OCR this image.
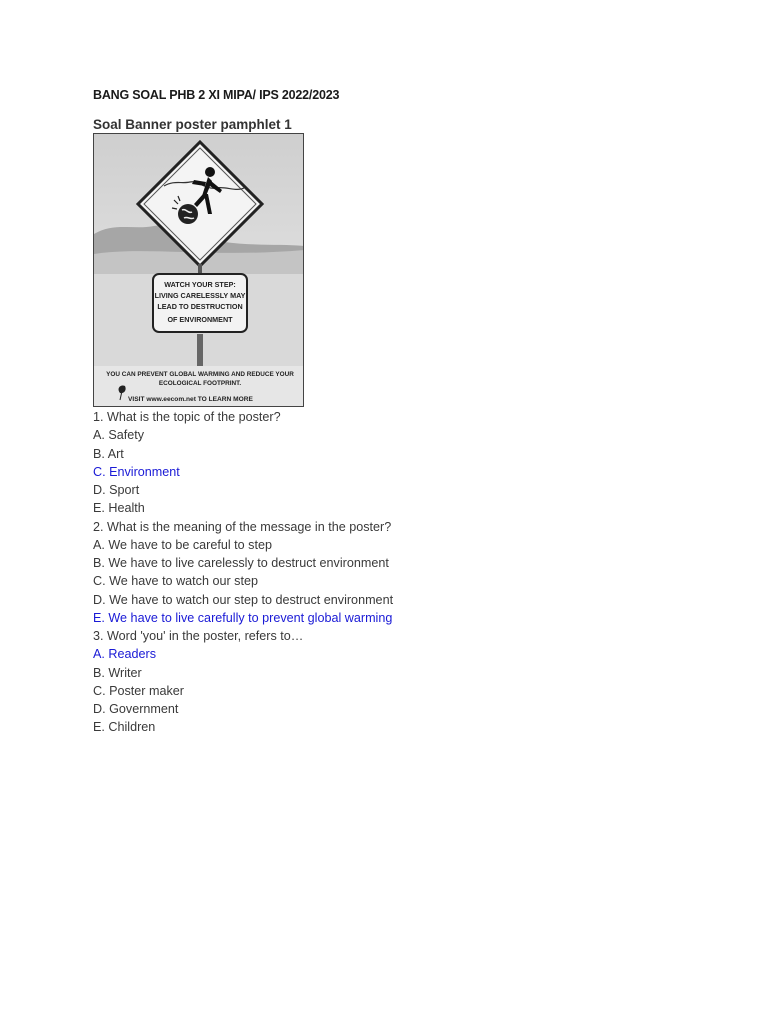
BANG SOAL PHB 2 XI MIPA/ IPS 2022/2023
Soal Banner poster pamphlet 1
WATCH YOUR STEP:
LIVING CARELESSLY MAY
LEAD TO DESTRUCTION
OF ENVIRONMENT
YOU CAN PREVENT GLOBAL WARMING AND REDUCE YOUR
ECOLOGICAL FOOTPRINT.
VISIT www.eecom.net TO LEARN MORE
1. What is the topic of the poster?
A. Safety
B. Art
C. Environment
D. Sport
E. Health
2. What is the meaning of the message in the poster?
A. We have to be careful to step
B. We have to live carelessly to destruct environment
C. We have to watch our step
D. We have to watch our step to destruct environment
E. We have to live carefully to prevent global warming
3. Word 'you' in the poster, refers to…
A. Readers
B. Writer
C. Poster maker
D. Government
E. Children
